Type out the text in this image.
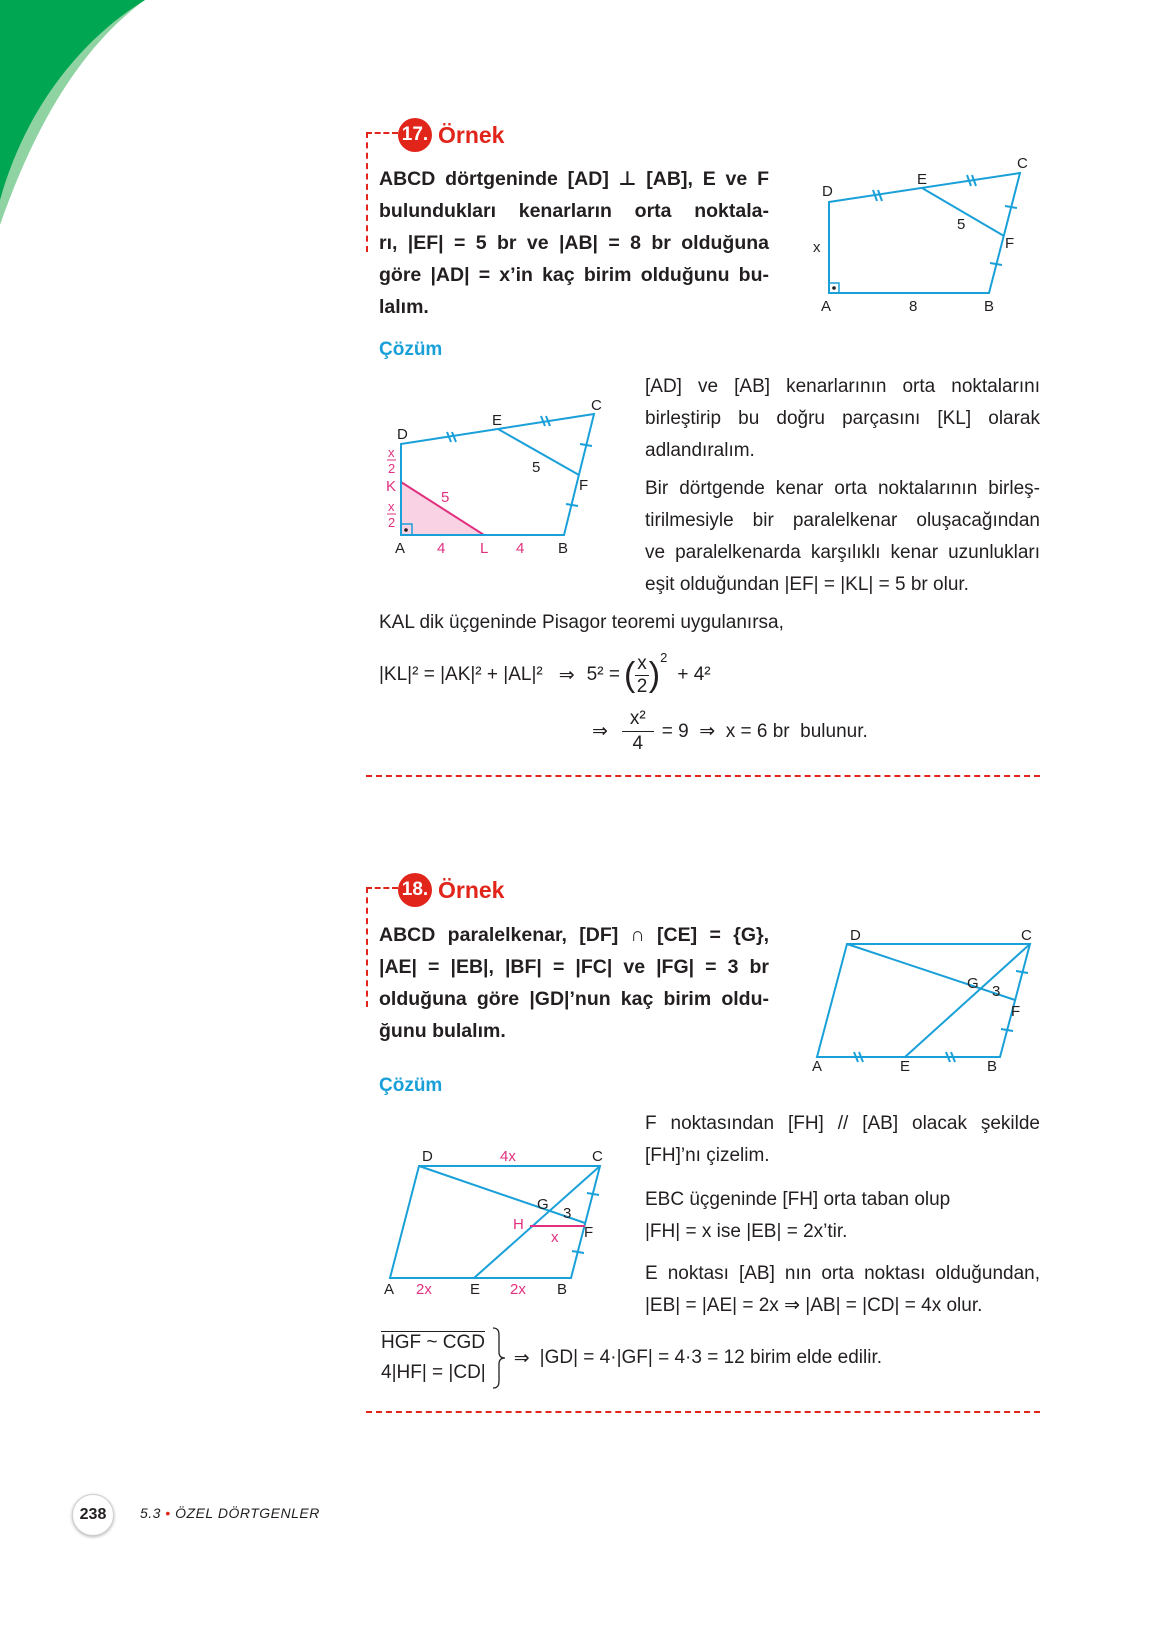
17. Örnek
ABCD dörtgeninde [AD] ⊥ [AB], E ve F
bulundukları kenarların orta noktala-
rı, |EF| = 5 br ve |AB| = 8 br olduğuna
göre |AD| = x’in kaç birim olduğunu bu-
lalım.
D
E
C
F
x
A	B
8
5
Çözüm
D
E
C
F
A	B
5
K
L
4	4
5
x
2
x
2
[AD] ve [AB] kenarlarının orta noktalarını
birleştirip bu doğru parçasını [KL] olarak
adlandıralım.
Bir dörtgende kenar orta noktalarının birleş-
tirilmesiyle bir paralelkenar oluşacağından
ve paralelkenarda karşılıklı kenar uzunlukları
eşit olduğundan |EF| = |KL| = 5 br olur.
KAL dik üçgeninde Pisagor teoremi uygulanırsa,
|KL|² = |AK|² + |AL|² ⇒ 5² = ( $\frac{x}{2}$ ) 2
+ 4²
⇒ $\frac{\text{x²}}{4} = 9$  ⇒  x = 6 br  bulunur.
18. Örnek
ABCD paralelkenar, [DF] ∩ [CE] = {G},
|AE| = |EB|, |BF| = |FC| ve |FG| = 3 br
olduğuna göre |GD|’nun kaç birim oldu-
ğunu bulalım.
D	C
G 3
F
A	E	B
Çözüm
D	C
G
3
F
A	E	B
4x
H
x
2x	2x
F noktasından [FH] // [AB] olacak şekilde
[FH]’nı çizelim.
EBC üçgeninde [FH] orta taban olup
|FH| = x ise |EB| = 2x’tir.
E noktası [AB] nın orta noktası olduğundan,
|EB| = |AE| = 2x ⇒ |AB| = |CD| = 4x olur.
HGF ~ CGD
4|HF| = |CD|
⇒ |GD| = 4·|GF| = 4·3 = 12 birim elde edilir.
238	5.3 • ÖZEL DÖRTGENLER
